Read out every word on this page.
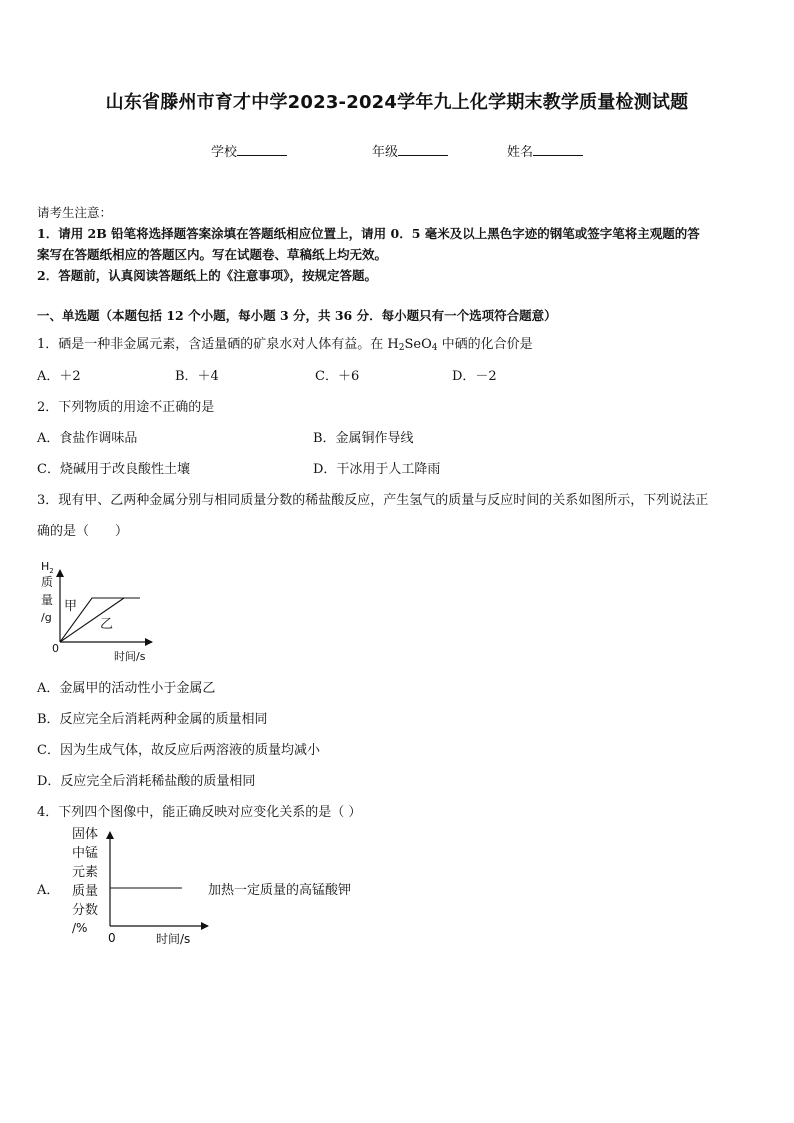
山东省滕州市育才中学2023-2024学年九上化学期末教学质量检测试题
学校	年级	姓名
请考生注意：
1．请用 2B 铅笔将选择题答案涂填在答题纸相应位置上，请用 0．5 毫米及以上黑色字迹的钢笔或签字笔将主观题的答
案写在答题纸相应的答题区内。写在试题卷、草稿纸上均无效。
2．答题前，认真阅读答题纸上的《注意事项》，按规定答题。
一、单选题（本题包括 12 个小题，每小题 3 分，共 36 分．每小题只有一个选项符合题意）
1．硒是一种非金属元素，含适量硒的矿泉水对人体有益。在 $H_2SeO_4$ 中硒的化合价是
A．＋2	B．＋4	C．＋6	D．－2
2．下列物质的用途不正确的是
A．食盐作调味品	B．金属铜作导线
C．烧碱用于改良酸性土壤	D．干冰用于人工降雨
3．现有甲、乙两种金属分别与相同质量分数的稀盐酸反应，产生氢气的质量与反应时间的关系如图所示，下列说法正
确的是（　　）
$H_2$
质
量
/g
0
时间/s
甲
乙
A．金属甲的活动性小于金属乙
B．反应完全后消耗两种金属的质量相同
C．因为生成气体，故反应后两溶液的质量均减小
D．反应完全后消耗稀盐酸的质量相同
4．下列四个图像中，能正确反映对应变化关系的是（ ）
A．
固体
中锰
元素
质量
分数
/%
0	时间/s
加热一定质量的高锰酸钾
